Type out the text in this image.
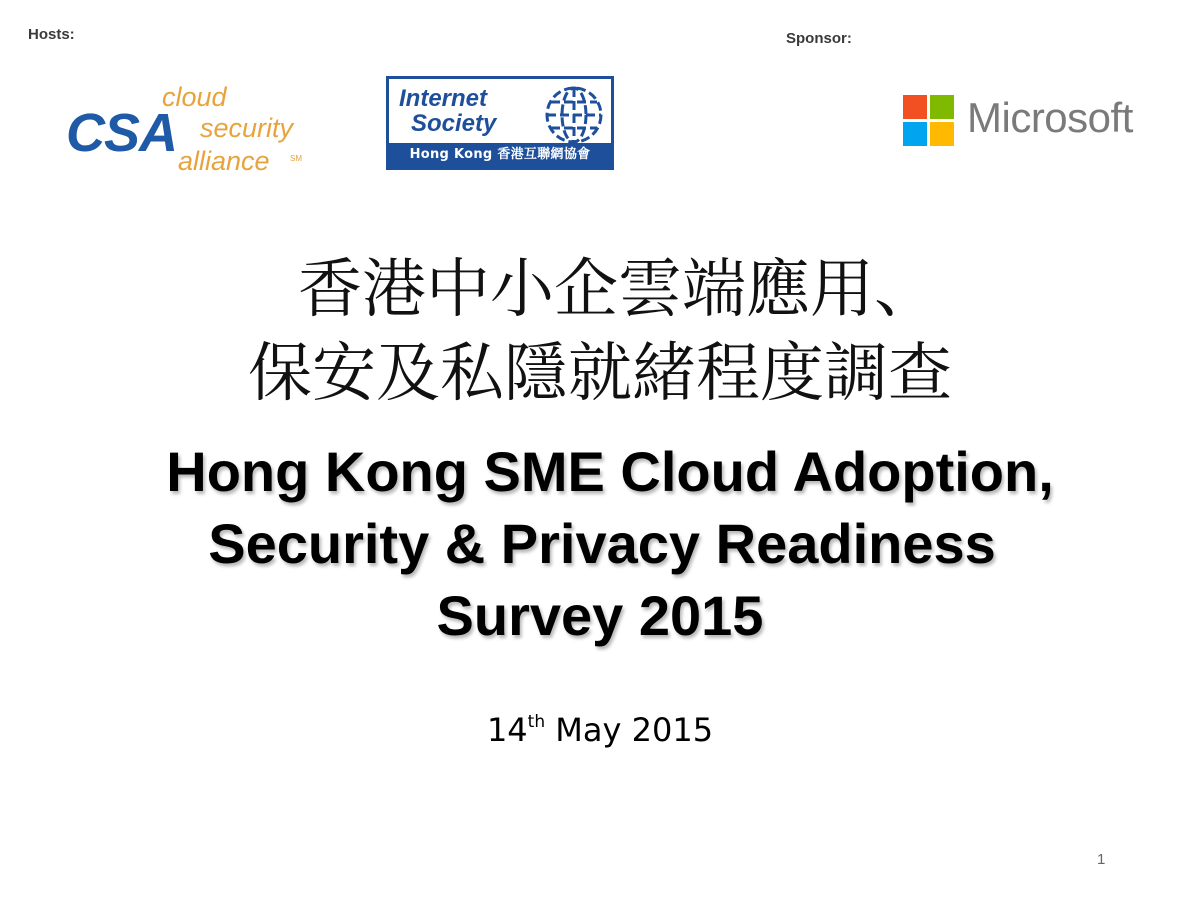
Hosts:	Sponsor:
CSA
cloud
security
alliance	SM
Internet
Society
Hong Kong 香港互聯網協會
Microsoft
香港中小企雲端應用、
保安及私隱就緒程度調查
Hong Kong SME Cloud Adoption,
Security & Privacy Readiness
Survey 2015
14th May 2015
1
